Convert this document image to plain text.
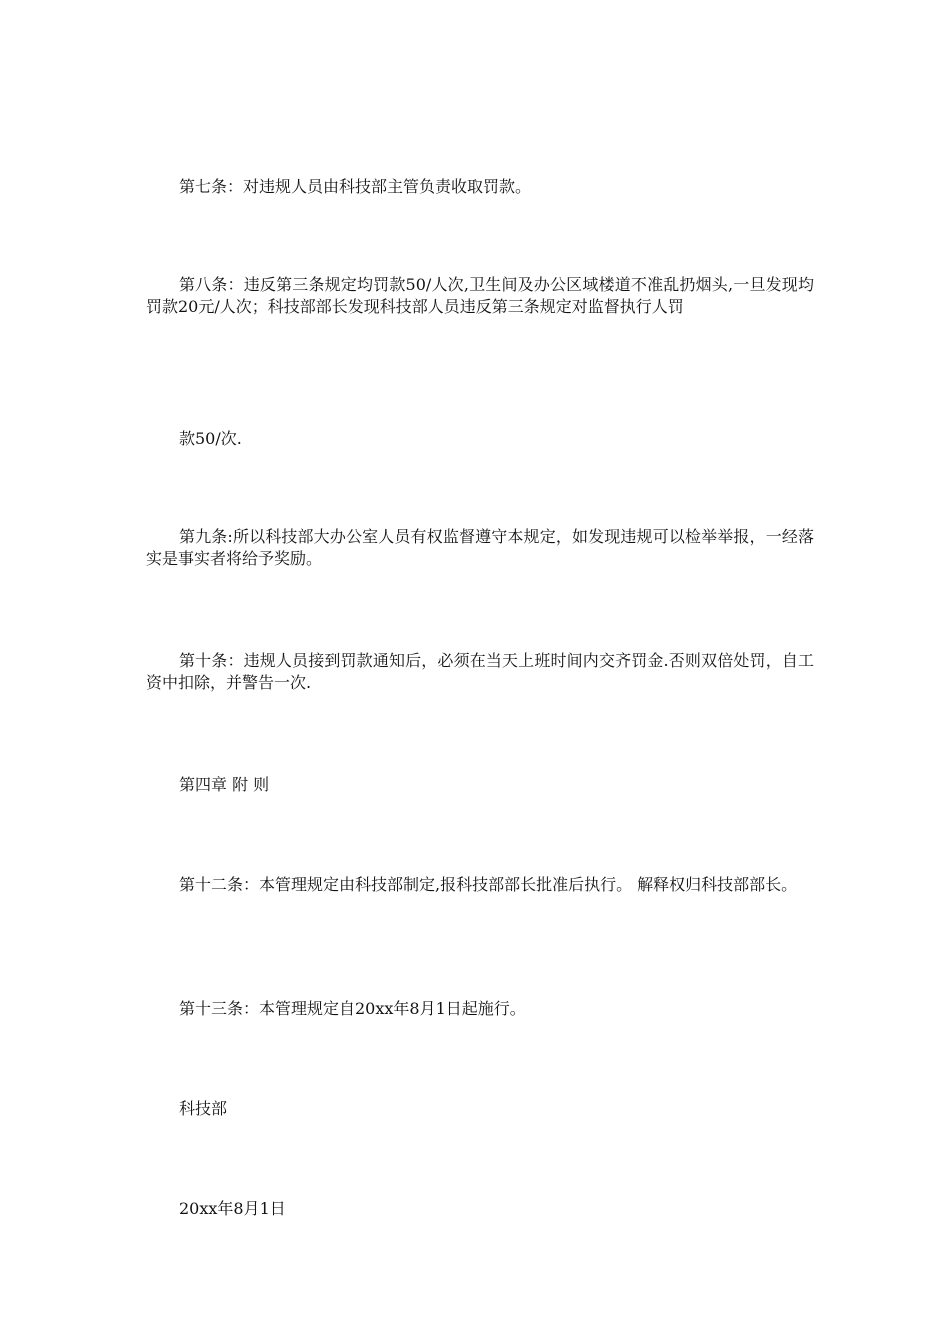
第七条：对违规人员由科技部主管负责收取罚款。

第八条：违反第三条规定均罚款50/人次,卫生间及办公区域楼道不准乱扔烟头,一旦发现均罚款20元/人次；科技部部长发现科技部人员违反第三条规定对监督执行人罚

款50/次.

第九条:所以科技部大办公室人员有权监督遵守本规定，如发现违规可以检举举报，一经落实是事实者将给予奖励。

第十条：违规人员接到罚款通知后，必须在当天上班时间内交齐罚金.否则双倍处罚，自工资中扣除，并警告一次.

第四章 附 则

第十二条：本管理规定由科技部制定,报科技部部长批准后执行。 解释权归科技部部长。

第十三条：本管理规定自20xx年8月1日起施行。

科技部

20xx年8月1日
